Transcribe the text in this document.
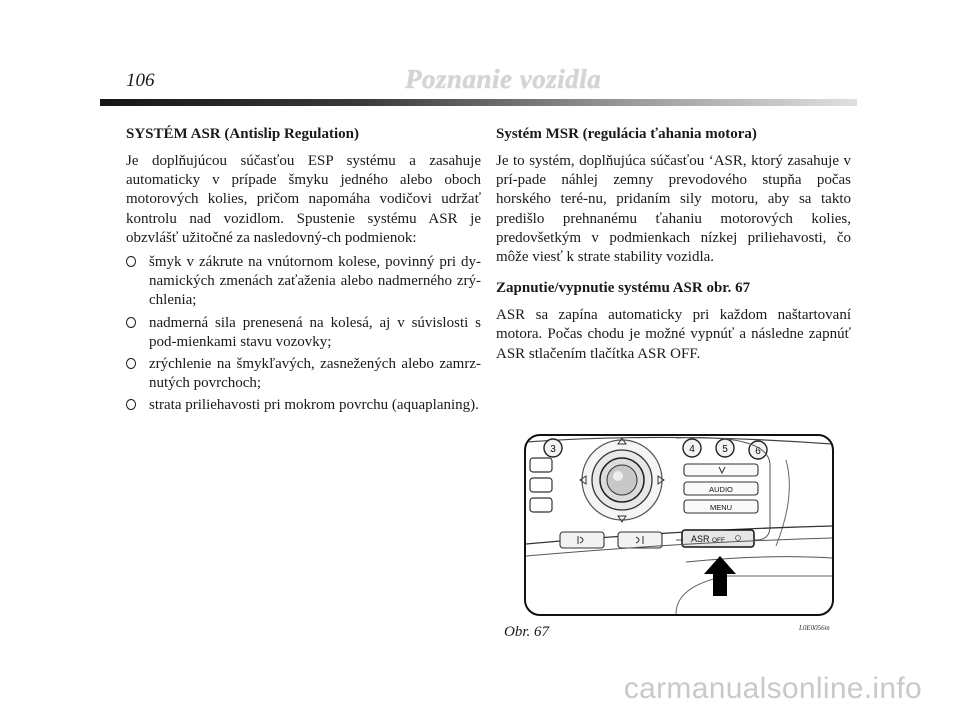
106	Poznanie vozidla
SYSTÉM ASR (Antislip Regulation)

Je doplňujúcou súčasťou ESP systému a zasahuje automaticky v prípade šmyku jedného alebo oboch motorových kolies, pričom napomáha vodičovi udržať kontrolu nad vozidlom. Spustenie systému ASR je obzvlášť užitočné za nasledovný-ch podmienok:

šmyk v zákrute na vnútornom kolese, povinný pri dy-namických zmenách zaťaženia alebo nadmerného zrý-chlenia;
nadmerná sila prenesená na kolesá, aj v súvislosti s pod-mienkami stavu vozovky;
zrýchlenie na šmykľavých, zasnežených alebo zamrz-nutých povrchoch;
strata priliehavosti pri mokrom povrchu (aquaplaning).
Systém MSR (regulácia ťahania motora)

Je to systém, doplňujúca súčasťou ‘ASR, ktorý zasahuje v prí-pade náhlej zemny prevodového stupňa počas horského teré-nu, pridaním sily motoru, aby sa takto predišlo prehnanému ťahaniu motorových kolies, predovšetkým v podmienkach nízkej priliehavosti, čo môže viesť k strate stability vozidla.

Zapnutie/vypnutie systému ASR obr. 67

ASR sa zapína automaticky pri každom naštartovaní motora. Počas chodu je možné vypnúť a následne zapnúť ASR stlačením tlačítka ASR OFF.

3	4	5	6
AUDIO
MENU
ASR OFF
Obr. 67	L0E0056m
carmanualsonline.info
